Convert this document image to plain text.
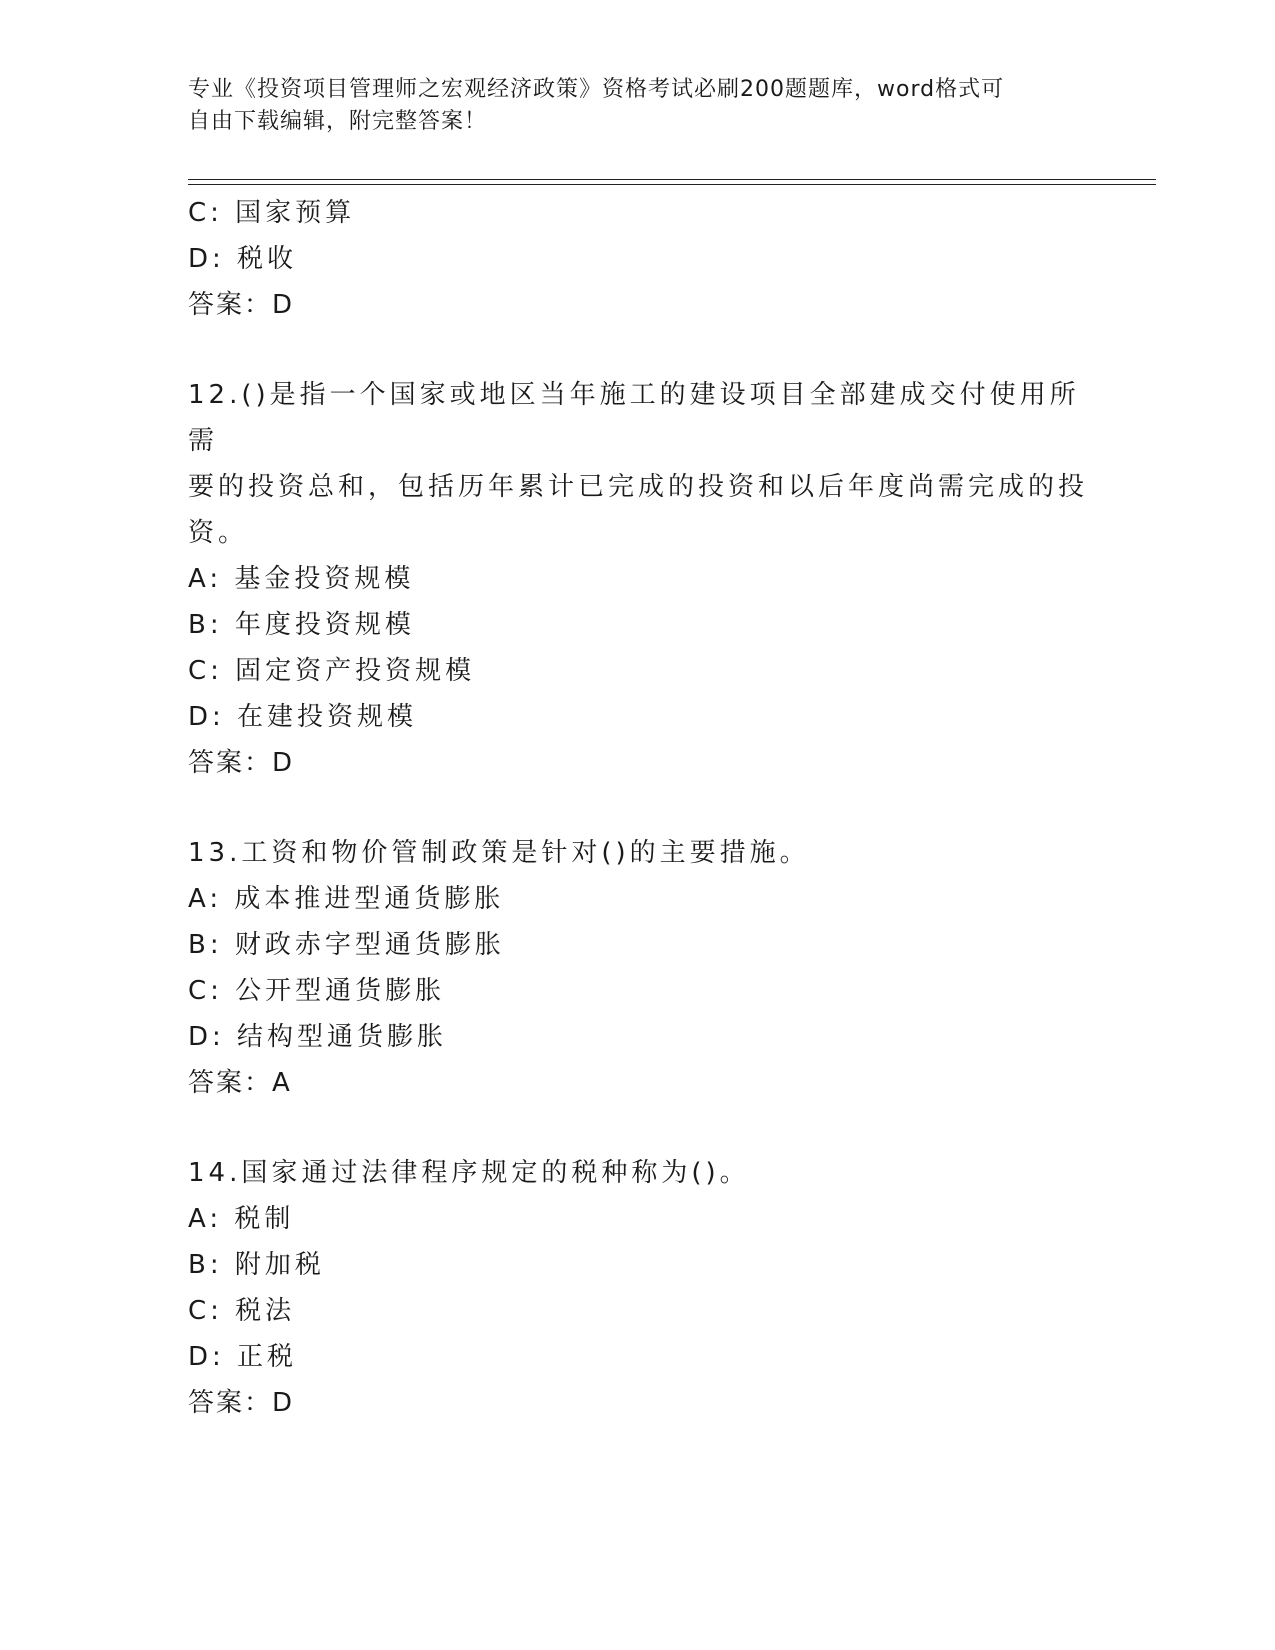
专业《投资项目管理师之宏观经济政策》资格考试必刷200题题库，word格式可
自由下载编辑，附完整答案！
C: 国家预算
D: 税收
答案：D
12.()是指一个国家或地区当年施工的建设项目全部建成交付使用所需
要的投资总和，包括历年累计已完成的投资和以后年度尚需完成的投
资。
A: 基金投资规模
B: 年度投资规模
C: 固定资产投资规模
D: 在建投资规模
答案：D
13.工资和物价管制政策是针对()的主要措施。
A: 成本推进型通货膨胀
B: 财政赤字型通货膨胀
C: 公开型通货膨胀
D: 结构型通货膨胀
答案：A
14.国家通过法律程序规定的税种称为()。
A: 税制
B: 附加税
C: 税法
D: 正税
答案：D
